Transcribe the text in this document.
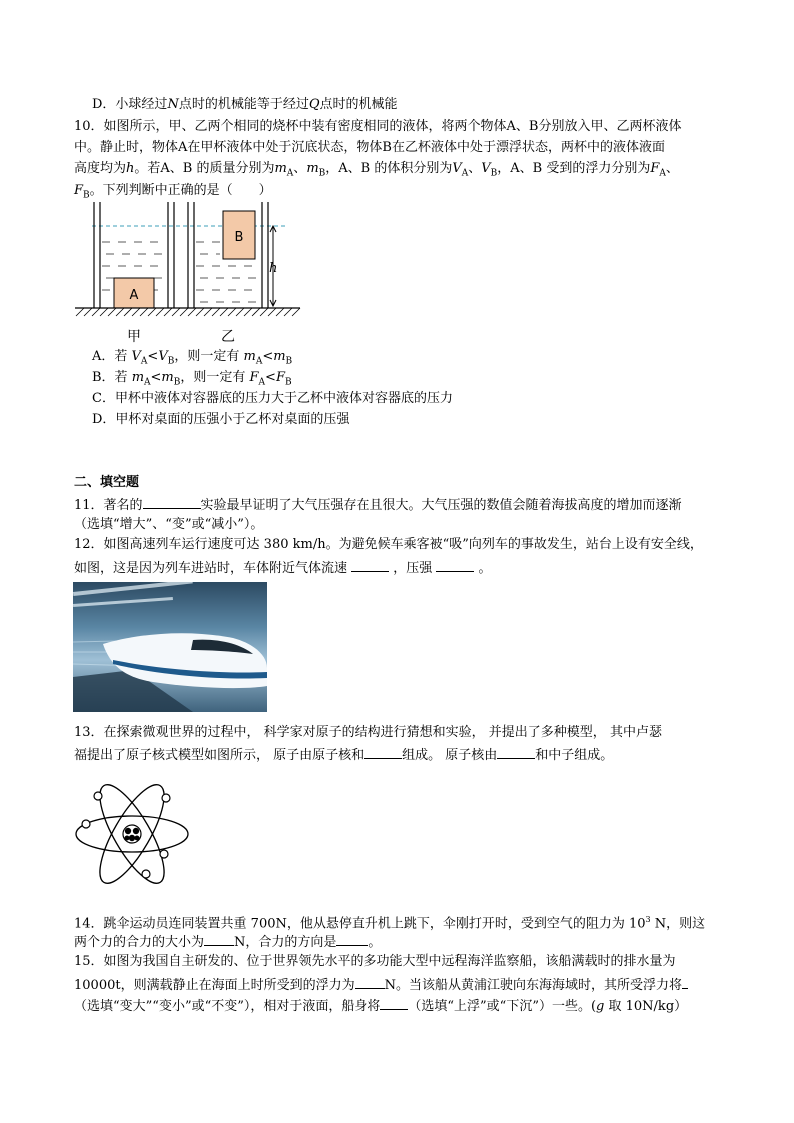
D．小球经过N点时的机械能等于经过Q点时的机械能
10．如图所示，甲、乙两个相同的烧杯中装有密度相同的液体，将两个物体A、B分别放入甲、乙两杯液体
中。静止时，物体A在甲杯液体中处于沉底状态，物体B在乙杯液体中处于漂浮状态，两杯中的液体液面
高度均为h。若A、B 的质量分别为$m_A$、$m_B$，A、B 的体积分别为$V_A$、$V_B$，A、B 受到的浮力分别为$F_A$、
$F_B$。下列判断中正确的是（　　）
A
B
h
甲	乙
A．若 $V_A<V_B$，则一定有 $m_A<m_B$
B．若 $m_A<m_B$，则一定有 $F_A<F_B$
C．甲杯中液体对容器底的压力大于乙杯中液体对容器底的压力
D．甲杯对桌面的压强小于乙杯对桌面的压强
二、填空题
11．著名的	实验最早证明了大气压强存在且很大。大气压强的数值会随着海拔高度的增加而逐渐
（选填“增大”、“变”或“减小”）。
12．如图高速列车运行速度可达 380 km/h。为避免候车乘客被“吸”向列车的事故发生，站台上设有安全线，
如图，这是因为列车进站时，车体附近气体流速	，压强	。
13．在探索微观世界的过程中， 科学家对原子的结构进行猜想和实验， 并提出了多种模型， 其中卢瑟
福提出了原子核式模型如图所示， 原子由原子核和	组成。 原子核由	和中子组成。
14．跳伞运动员连同装置共重 700N，他从悬停直升机上跳下，伞刚打开时，受到空气的阻力为 $10^3$ N，则这
两个力的合力的大小为 N，合力的方向是 。
15．如图为我国自主研发的、位于世界领先水平的多功能大型中远程海洋监察船，该船满载时的排水量为
10000t，则满载静止在海面上时所受到的浮力为 N。当该船从黄浦江驶向东海海域时，其所受浮力将
（选填“变大”“变小”或“不变”），相对于液面，船身将 （选填“上浮”或“下沉”）一些。(g 取 10N/kg）
